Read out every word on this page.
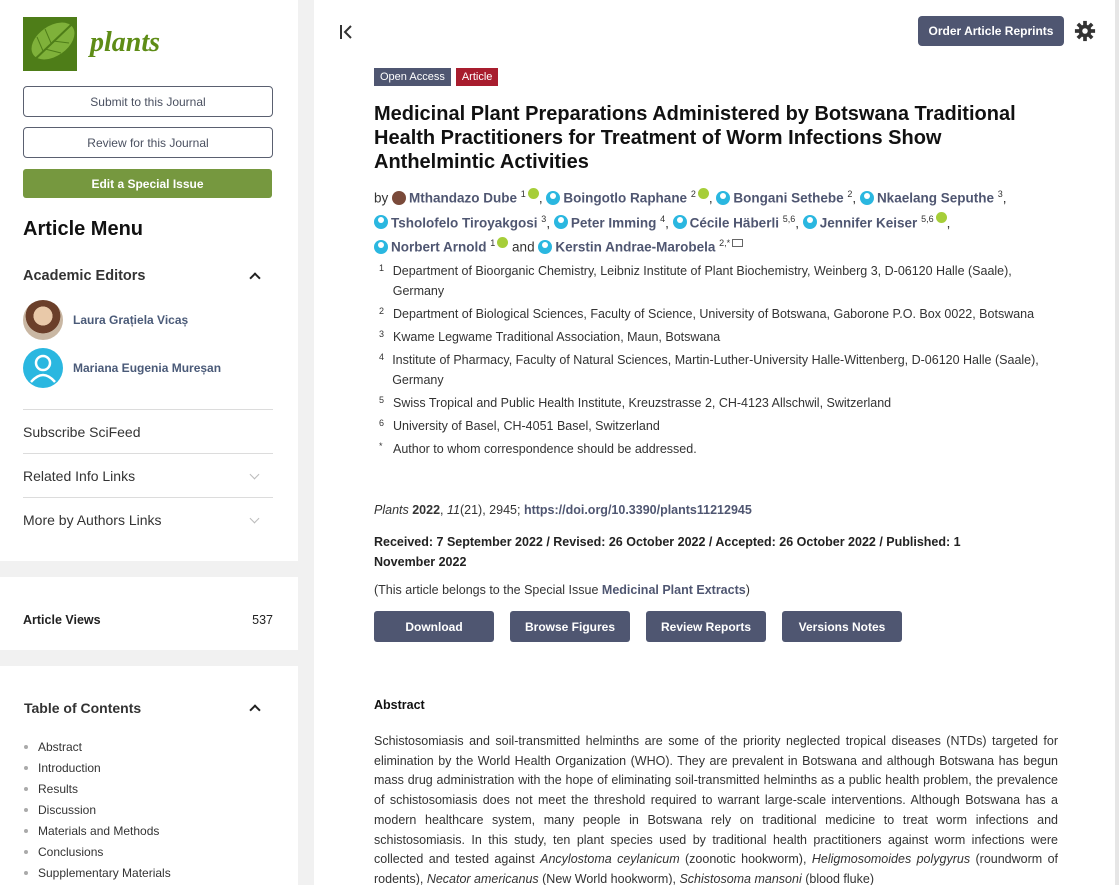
plants
Submit to this Journal
Review for this Journal
Edit a Special Issue
Article Menu
Academic Editors
Laura Grațiela Vicaș
Mariana Eugenia Mureșan
Subscribe SciFeed
Related Info Links
More by Authors Links
Article Views	537
Table of Contents
Abstract
Introduction
Results
Discussion
Materials and Methods
Conclusions
Supplementary Materials
Order Article Reprints
Open Access	Article
Medicinal Plant Preparations Administered by Botswana Traditional Health Practitioners for Treatment of Worm Infections Show Anthelmintic Activities
by Mthandazo Dube $^1$ , Boingotlo Raphane $^2$ , Bongani Sethebe $^2$, Nkaelang Seputhe $^3$,
Tsholofelo Tiroyakgosi $^3$, Peter Imming $^4$, Cécile Häberli $^{5,6}$, Jennifer Keiser $^{5,6}$ ,
Norbert Arnold $^1$ and Kerstin Andrae-Marobela $^{2,*}$
1 Department of Bioorganic Chemistry, Leibniz Institute of Plant Biochemistry, Weinberg 3, D-06120 Halle (Saale), Germany
2 Department of Biological Sciences, Faculty of Science, University of Botswana, Gaborone P.O. Box 0022, Botswana
3 Kwame Legwame Traditional Association, Maun, Botswana
4 Institute of Pharmacy, Faculty of Natural Sciences, Martin-Luther-University Halle-Wittenberg, D-06120 Halle (Saale), Germany
5 Swiss Tropical and Public Health Institute, Kreuzstrasse 2, CH-4123 Allschwil, Switzerland
6 University of Basel, CH-4051 Basel, Switzerland
* Author to whom correspondence should be addressed.
Plants 2022, 11(21), 2945; https://doi.org/10.3390/plants11212945
Received: 7 September 2022 / Revised: 26 October 2022 / Accepted: 26 October 2022 / Published: 1 November 2022
(This article belongs to the Special Issue Medicinal Plant Extracts)
Download	Browse Figures	Review Reports	Versions Notes
Abstract
Schistosomiasis and soil-transmitted helminths are some of the priority neglected tropical diseases (NTDs) targeted for elimination by the World Health Organization (WHO). They are prevalent in Botswana and although Botswana has begun mass drug administration with the hope of eliminating soil-transmitted helminths as a public health problem, the prevalence of schistosomiasis does not meet the threshold required to warrant large-scale interventions. Although Botswana has a modern healthcare system, many people in Botswana rely on traditional medicine to treat worm infections and schistosomiasis. In this study, ten plant species used by traditional health practitioners against worm infections were collected and tested against Ancylostoma ceylanicum (zoonotic hookworm), Heligmosomoides polygyrus (roundworm of rodents), Necator americanus (New World hookworm), Schistosoma mansoni (blood fluke)
